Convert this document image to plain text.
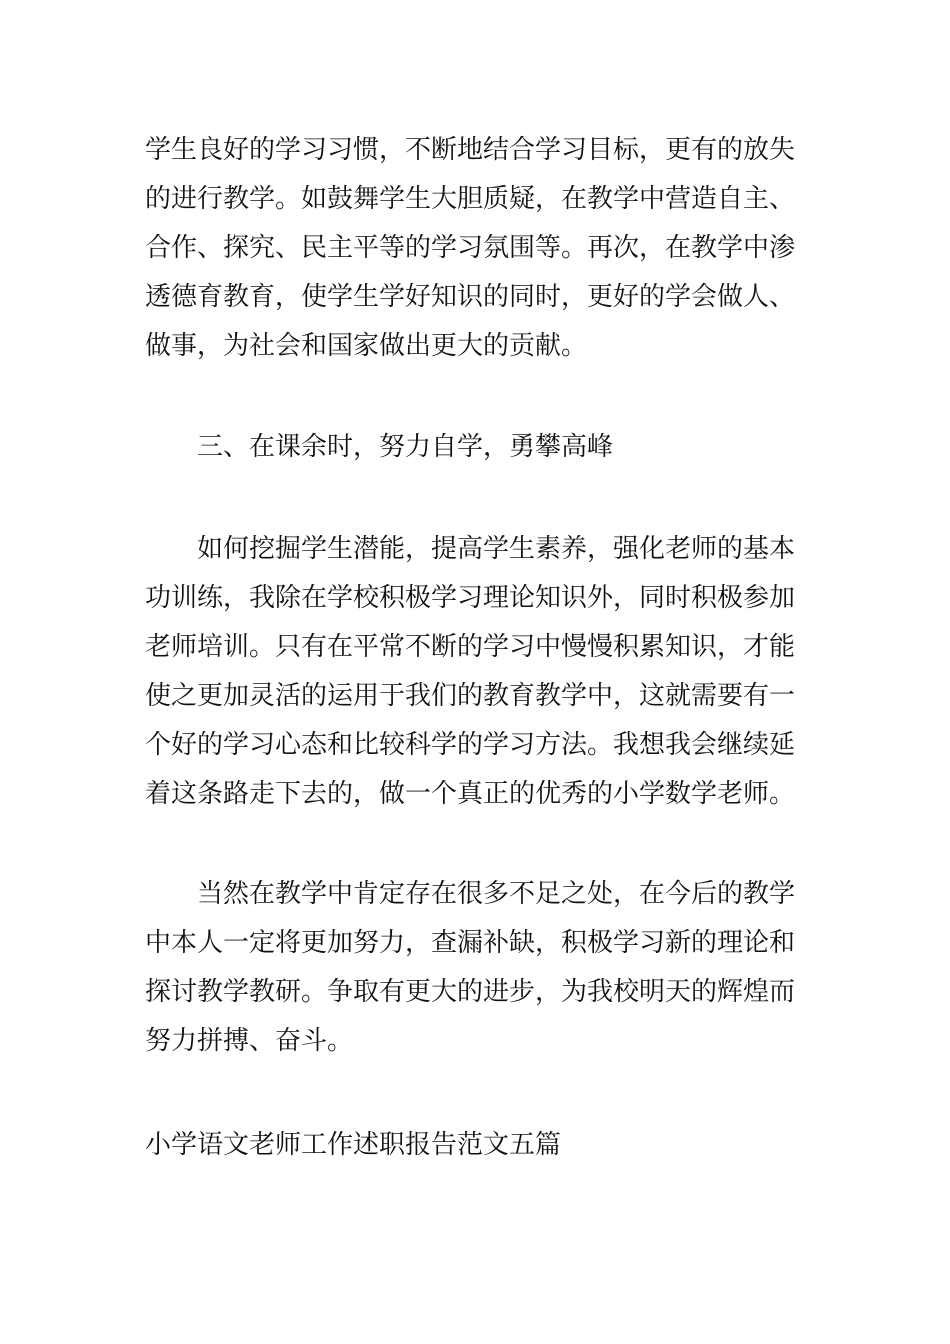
学生良好的学习习惯，不断地结合学习目标，更有的放失
的进行教学。如鼓舞学生大胆质疑，在教学中营造自主、
合作、探究、民主平等的学习氛围等。再次，在教学中渗
透德育教育，使学生学好知识的同时，更好的学会做人、
做事，为社会和国家做出更大的贡献。
三、在课余时，努力自学，勇攀高峰
如何挖掘学生潜能，提高学生素养，强化老师的基本
功训练，我除在学校积极学习理论知识外，同时积极参加
老师培训。只有在平常不断的学习中慢慢积累知识，才能
使之更加灵活的运用于我们的教育教学中，这就需要有一
个好的学习心态和比较科学的学习方法。我想我会继续延
着这条路走下去的，做一个真正的优秀的小学数学老师。
当然在教学中肯定存在很多不足之处，在今后的教学
中本人一定将更加努力，查漏补缺，积极学习新的理论和
探讨教学教研。争取有更大的进步，为我校明天的辉煌而
努力拼搏、奋斗。
小学语文老师工作述职报告范文五篇
